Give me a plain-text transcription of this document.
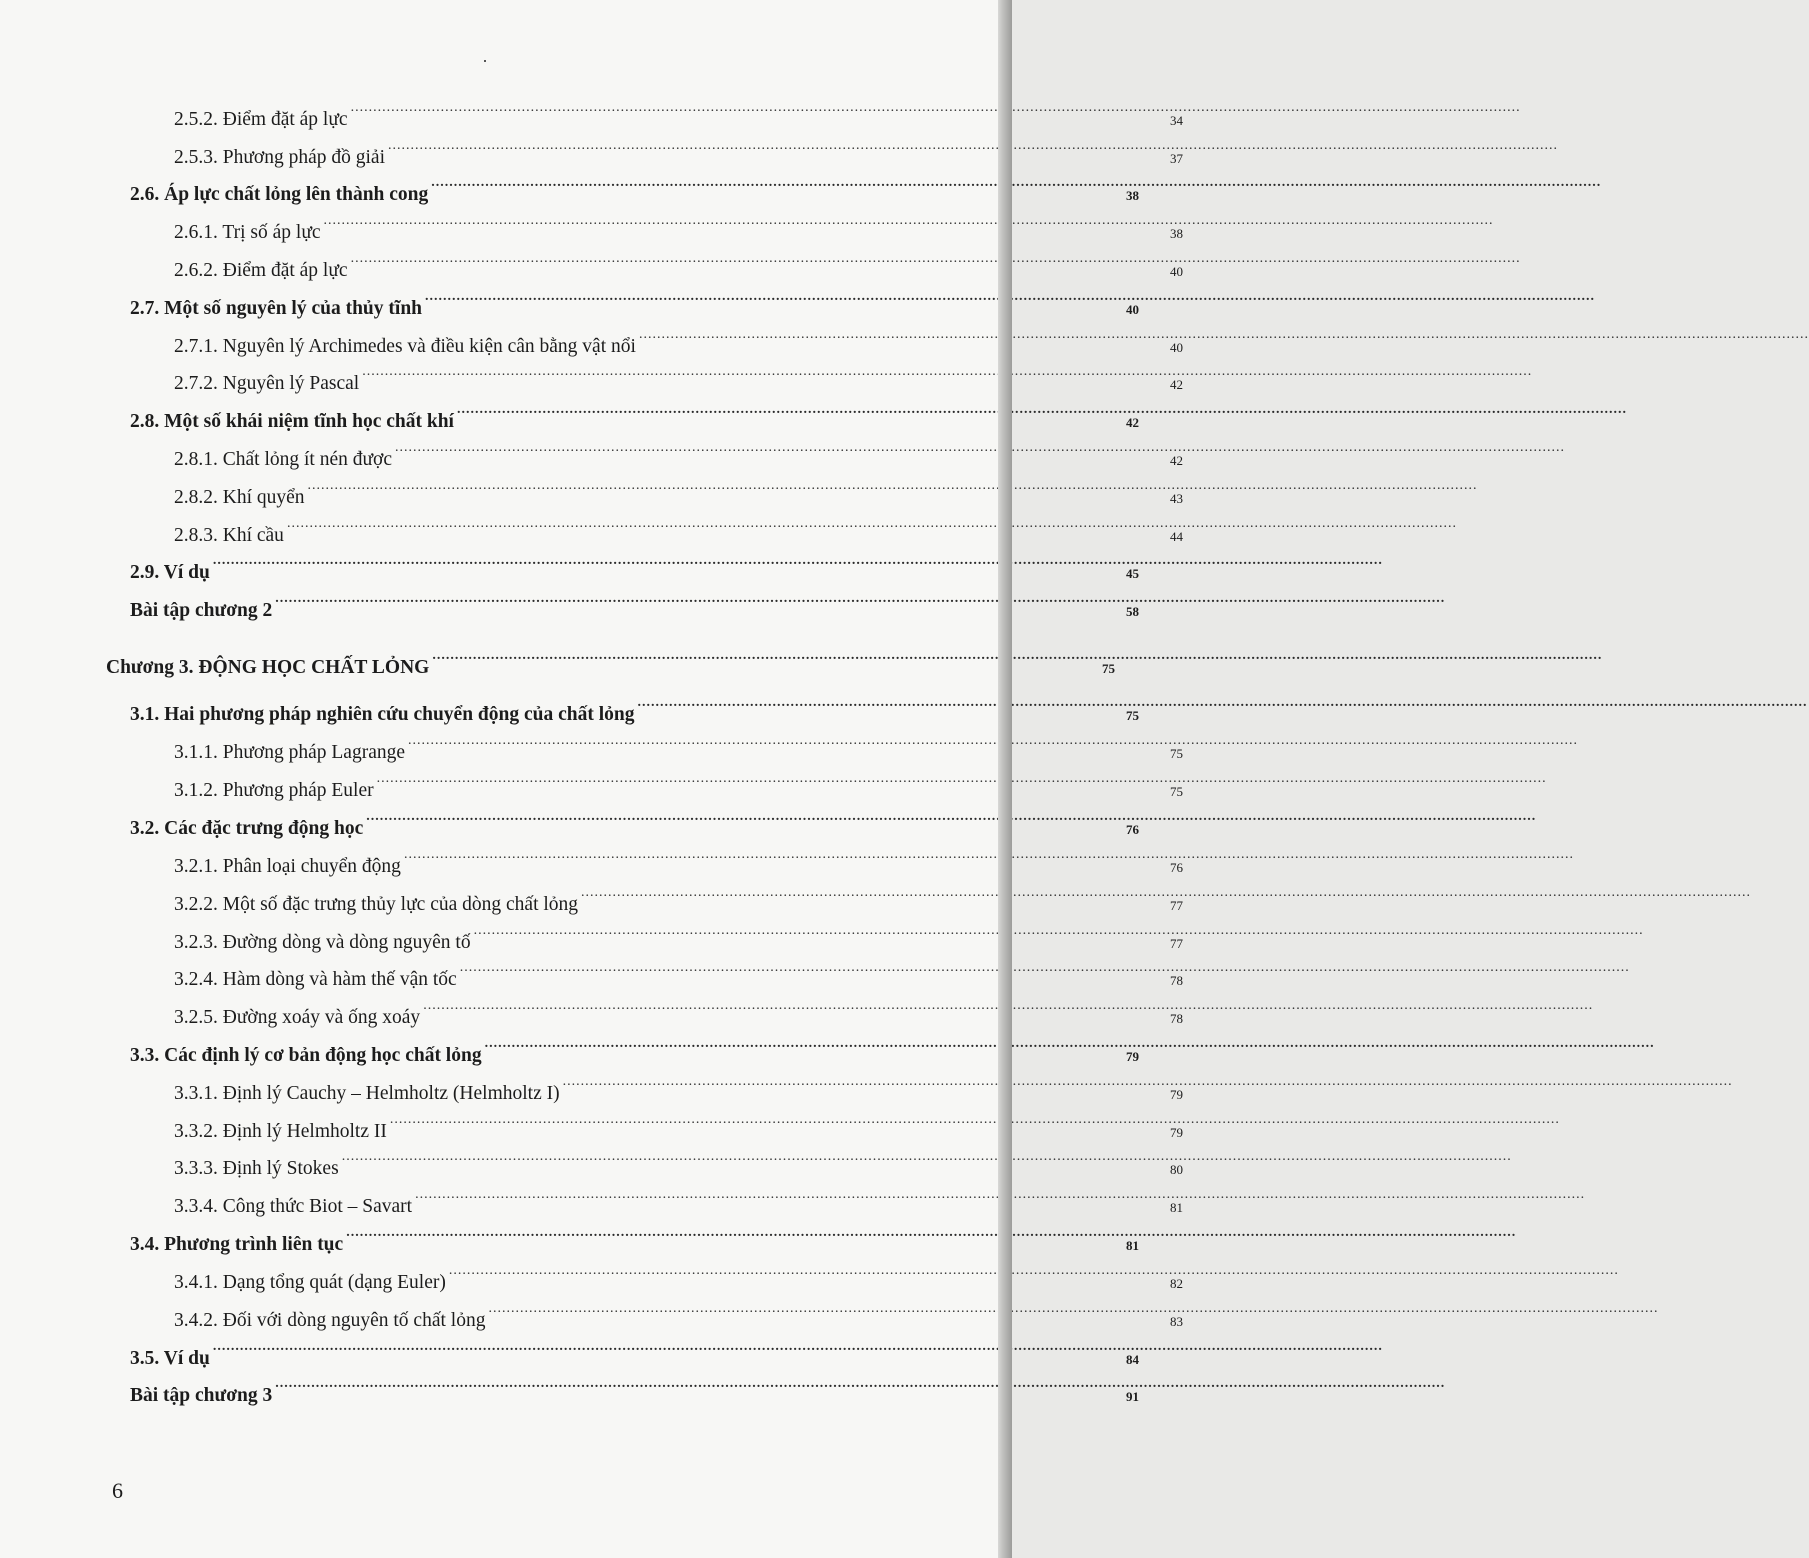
2.5.2. Điểm đặt áp lực .....	34
2.5.3. Phương pháp đồ giải .....	37
2.6. Áp lực chất lỏng lên thành cong .....	38
2.6.1. Trị số áp lực .....	38
2.6.2. Điểm đặt áp lực .....	40
2.7. Một số nguyên lý của thủy tĩnh .....	40
2.7.1. Nguyên lý Archimedes và điều kiện cân bằng vật nổi .....	40
2.7.2. Nguyên lý Pascal .....	42
2.8. Một số khái niệm tĩnh học chất khí .....	42
2.8.1. Chất lỏng ít nén được .....	42
2.8.2. Khí quyển .....	43
2.8.3. Khí cầu .....	44
2.9. Ví dụ .....	45
Bài tập chương 2 .....	58
Chương 3. ĐỘNG HỌC CHẤT LỎNG .....	75
3.1. Hai phương pháp nghiên cứu chuyển động của chất lỏng .....	75
3.1.1. Phương pháp Lagrange .....	75
3.1.2. Phương pháp Euler .....	75
3.2. Các đặc trưng động học .....	76
3.2.1. Phân loại chuyển động .....	76
3.2.2. Một số đặc trưng thủy lực của dòng chất lỏng .....	77
3.2.3. Đường dòng và dòng nguyên tố .....	77
3.2.4. Hàm dòng và hàm thế vận tốc .....	78
3.2.5. Đường xoáy và ống xoáy .....	78
3.3. Các định lý cơ bản động học chất lỏng .....	79
3.3.1. Định lý Cauchy – Helmholtz (Helmholtz I) .....	79
3.3.2. Định lý Helmholtz II .....	79
3.3.3. Định lý Stokes .....	80
3.3.4. Công thức Biot – Savart .....	81
3.4. Phương trình liên tục .....	81
3.4.1. Dạng tổng quát (dạng Euler) .....	82
3.4.2. Đối với dòng nguyên tố chất lỏng .....	83
3.5. Ví dụ .....	84
Bài tập chương 3 .....	91
6
